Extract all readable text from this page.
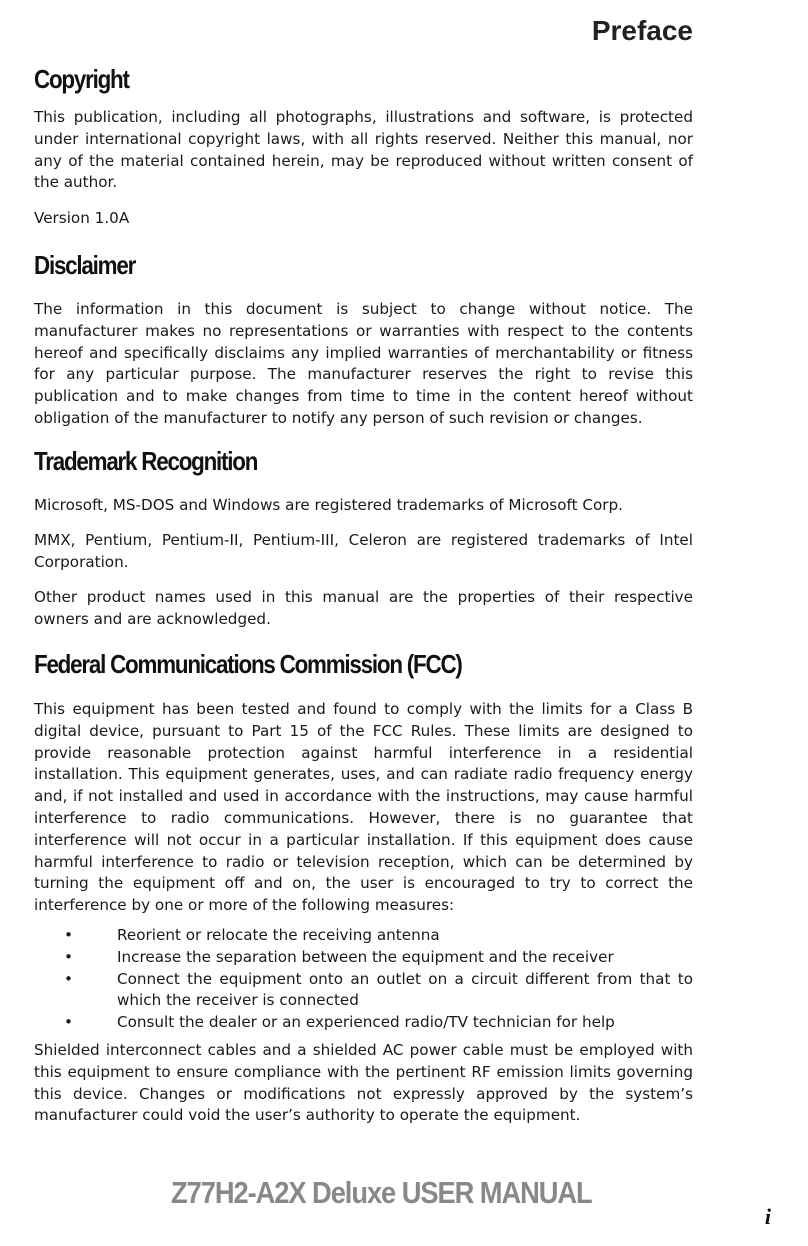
Preface
Copyright

This publication, including all photographs, illustrations and software, is protected under international copyright laws, with all rights reserved. Neither this manual, nor any of the material contained herein, may be reproduced without written consent of the author.

Version 1.0A

Disclaimer

The information in this document is subject to change without notice. The manufacturer makes no representations or warranties with respect to the contents hereof and specifically disclaims any implied warranties of merchantability or fitness for any particular purpose. The manufacturer reserves the right to revise this publication and to make changes from time to time in the content hereof without obligation of the manufacturer to notify any person of such revision or changes.

Trademark Recognition

Microsoft, MS-DOS and Windows are registered trademarks of Microsoft Corp.

MMX, Pentium, Pentium-II, Pentium-III, Celeron are registered trademarks of Intel Corporation.

Other product names used in this manual are the properties of their respective owners and are acknowledged.

Federal Communications Commission (FCC)

This equipment has been tested and found to comply with the limits for a Class B digital device, pursuant to Part 15 of the FCC Rules. These limits are designed to provide reasonable protection against harmful interference in a residential installation. This equipment generates, uses, and can radiate radio frequency energy and, if not installed and used in accordance with the instructions, may cause harmful interference to radio communications. However, there is no guarantee that interference will not occur in a particular installation. If this equipment does cause harmful interference to radio or television reception, which can be determined by turning the equipment off and on, the user is encouraged to try to correct the interference by one or more of the following measures:

•	Reorient or relocate the receiving antenna
•	Increase the separation between the equipment and the receiver
•	Connect the equipment onto an outlet on a circuit different from that to which the receiver is connected
•	Consult the dealer or an experienced radio/TV technician for help

Shielded interconnect cables and a shielded AC power cable must be employed with this equipment to ensure compliance with the pertinent RF emission limits governing this device. Changes or modifications not expressly approved by the system’s manufacturer could void the user’s authority to operate the equipment.

Z77H2-A2X Deluxe USER MANUAL
i
